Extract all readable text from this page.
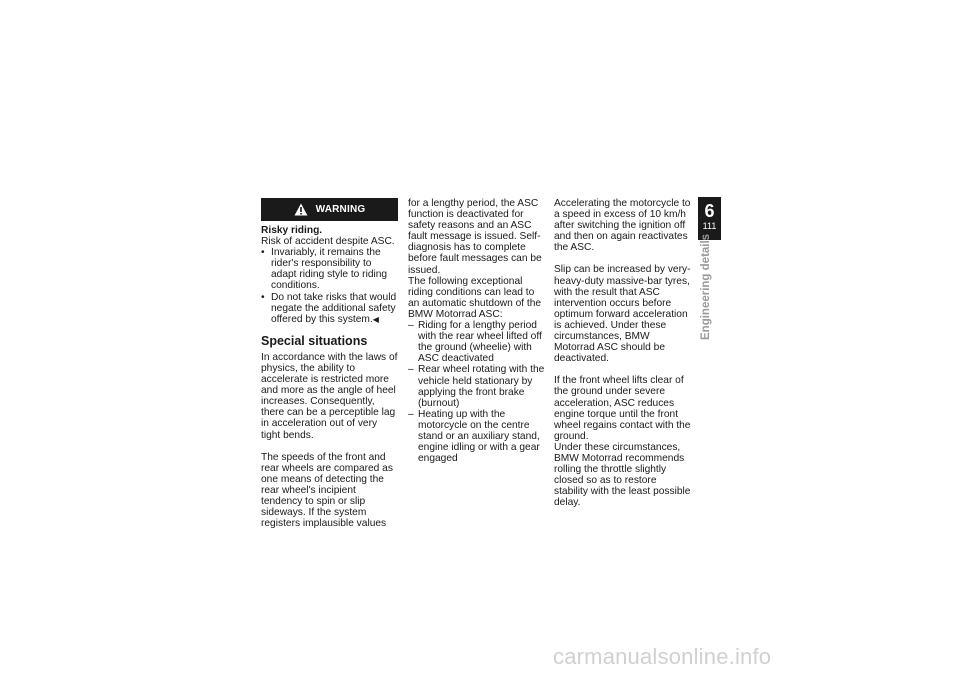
WARNING

Risky riding.

Risk of accident despite ASC.

• Invariably, it remains the rider's responsibility to adapt riding style to riding conditions.
• Do not take risks that would negate the additional safety offered by this system.◀
Special situations

In accordance with the laws of physics, the ability to accelerate is restricted more and more as the angle of heel increases. Consequently, there can be a perceptible lag in acceleration out of very tight bends.

The speeds of the front and rear wheels are compared as one means of detecting the rear wheel's incipient tendency to spin or slip sideways. If the system registers implausible values

for a lengthy period, the ASC function is deactivated for safety reasons and an ASC fault message is issued. Self-diagnosis has to complete before fault messages can be issued.

The following exceptional riding conditions can lead to an automatic shutdown of the BMW Motorrad ASC:

– Riding for a lengthy period with the rear wheel lifted off the ground (wheelie) with ASC deactivated
– Rear wheel rotating with the vehicle held stationary by applying the front brake (burnout)
– Heating up with the motorcycle on the centre stand or an auxiliary stand, engine idling or with a gear engaged

Accelerating the motorcycle to a speed in excess of 10 km/h after switching the ignition off and then on again reactivates the ASC.

Slip can be increased by very-heavy-duty massive-bar tyres, with the result that ASC intervention occurs before optimum forward acceleration is achieved. Under these circumstances, BMW Motorrad ASC should be deactivated.

If the front wheel lifts clear of the ground under severe acceleration, ASC reduces engine torque until the front wheel regains contact with the ground.

Under these circumstances, BMW Motorrad recommends rolling the throttle slightly closed so as to restore stability with the least possible delay.

6
111
Engineering details
carmanualsonline.info
